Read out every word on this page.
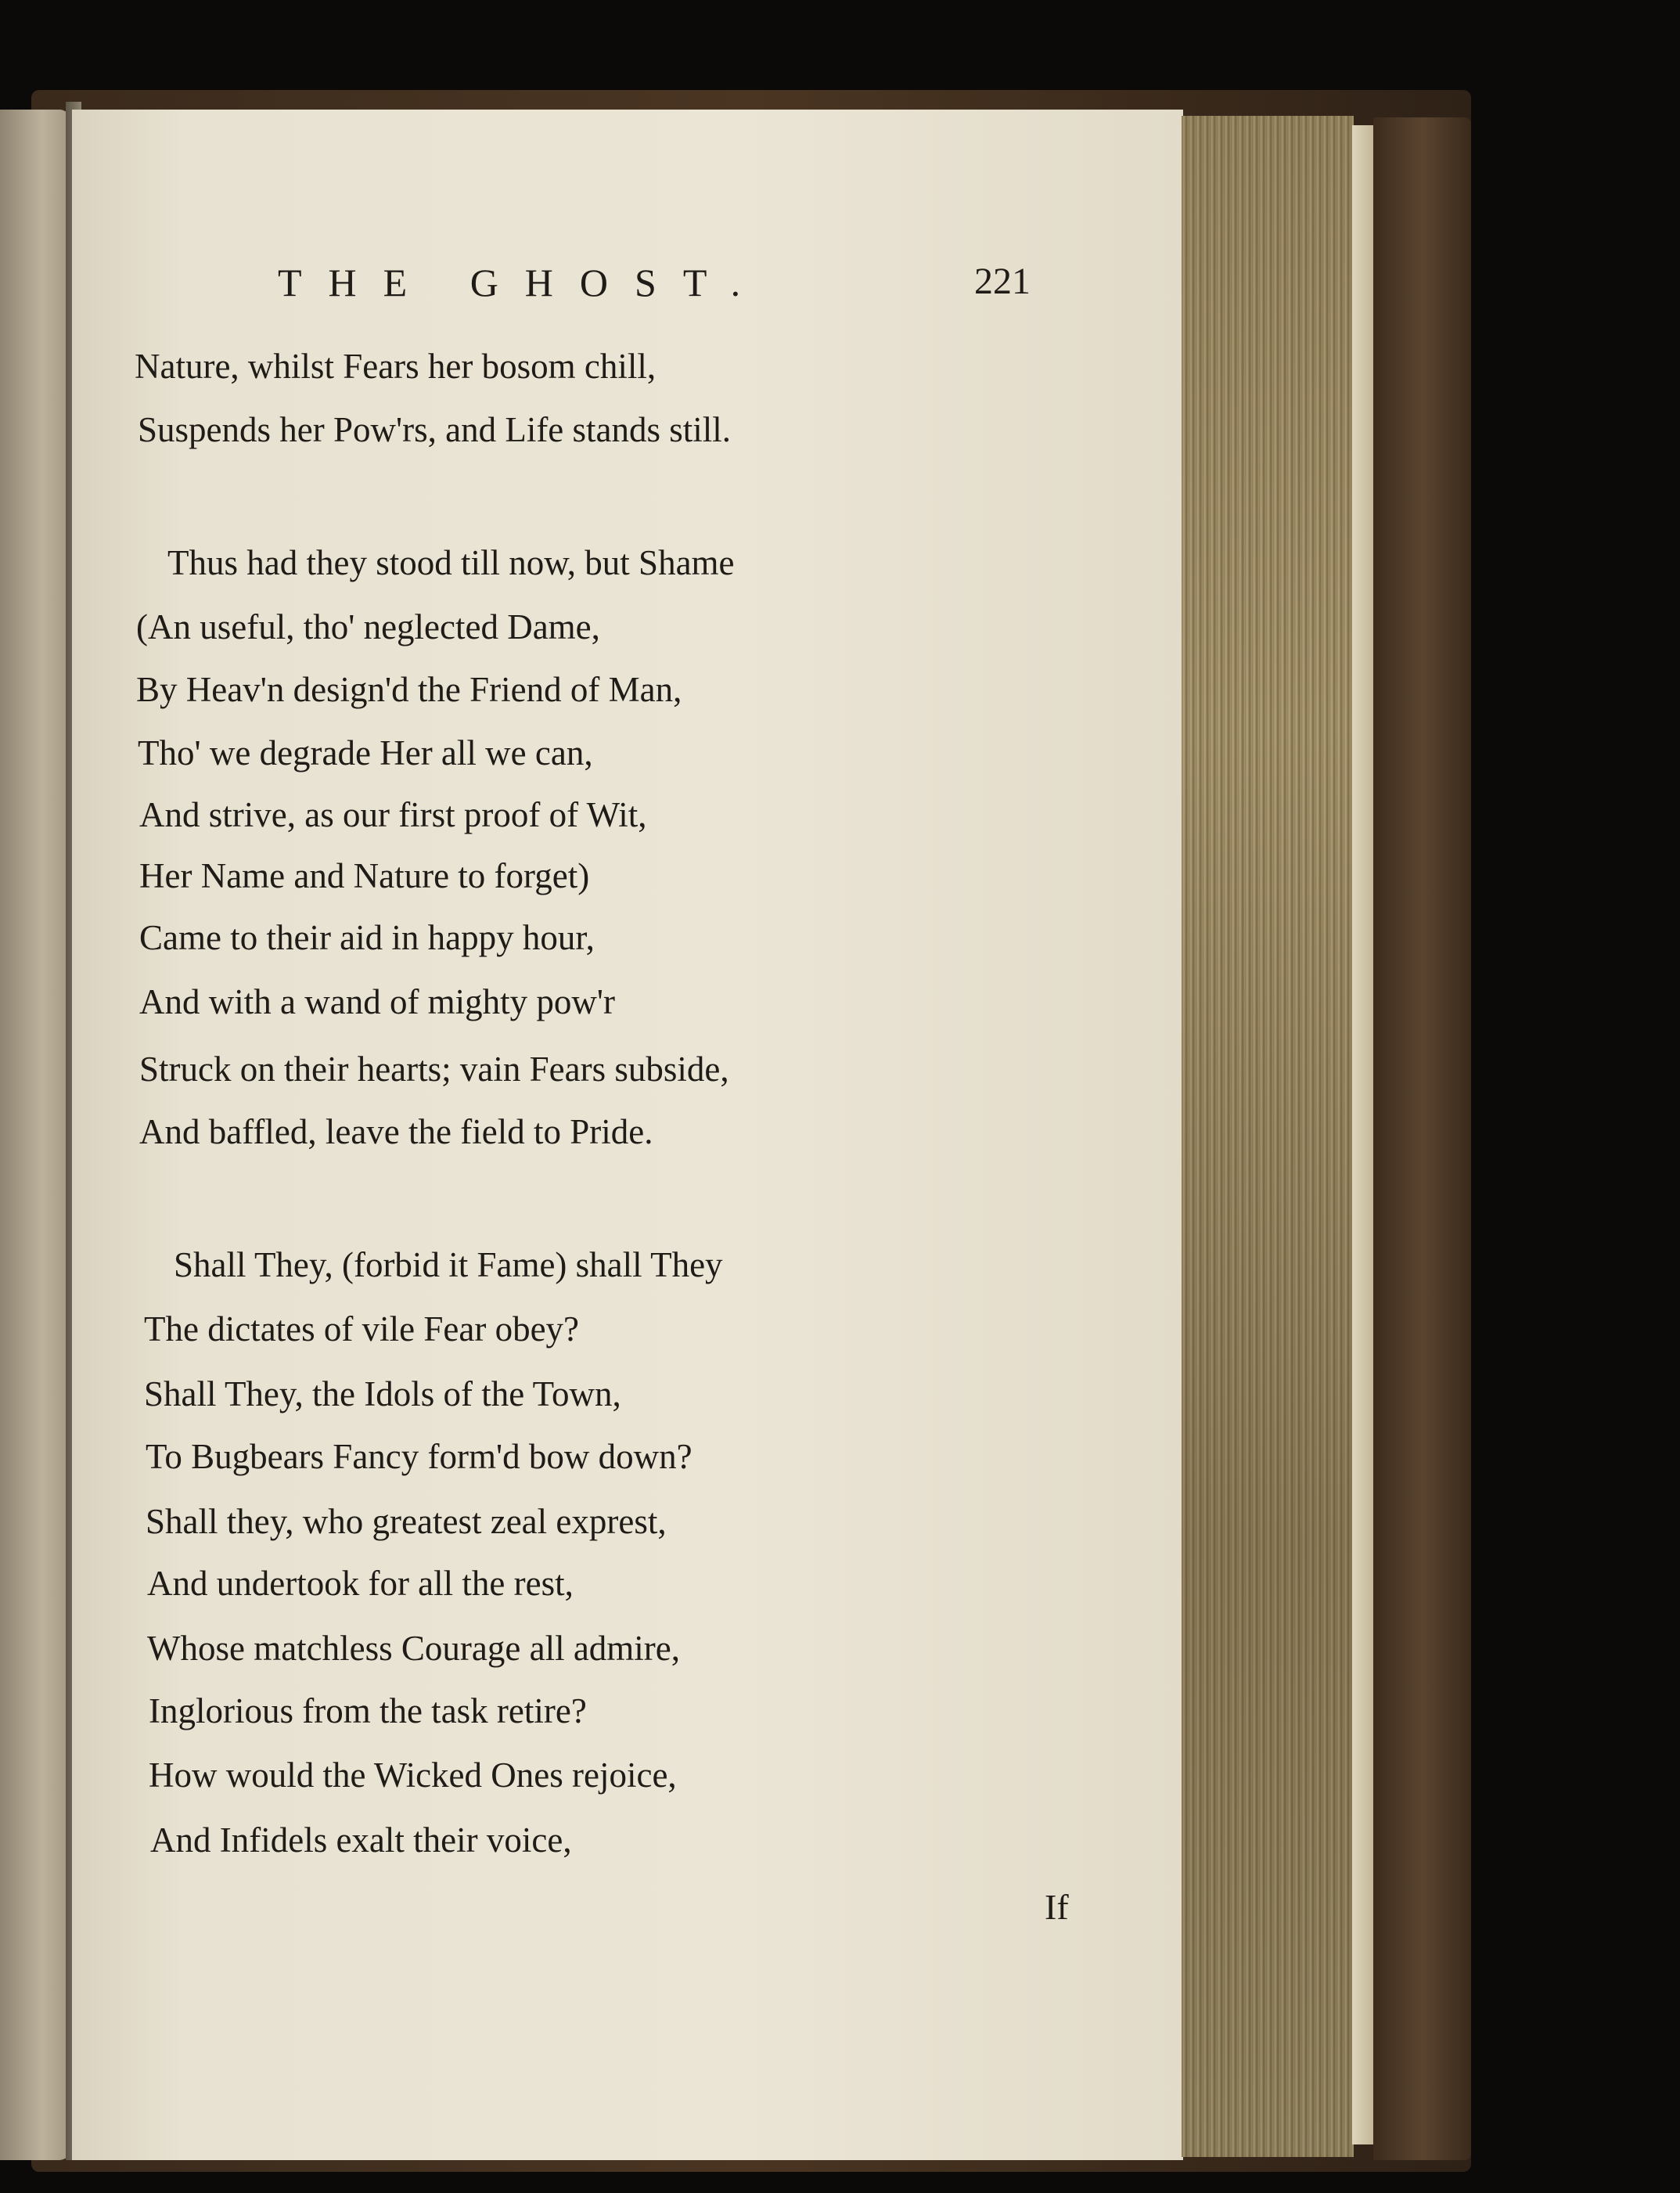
THE GHOST.	221
Nature, whilst Fears her bosom chill,
Suspends her Pow'rs, and Life stands still.
Thus had they stood till now, but Shame
(An useful, tho' neglected Dame,
By Heav'n design'd the Friend of Man,
Tho' we degrade Her all we can,
And strive, as our first proof of Wit,
Her Name and Nature to forget)
Came to their aid in happy hour,
And with a wand of mighty pow'r
Struck on their hearts; vain Fears subside,
And baffled, leave the field to Pride.
Shall They, (forbid it Fame) shall They
The dictates of vile Fear obey?
Shall They, the Idols of the Town,
To Bugbears Fancy form'd bow down?
Shall they, who greatest zeal exprest,
And undertook for all the rest,
Whose matchless Courage all admire,
Inglorious from the task retire?
How would the Wicked Ones rejoice,
And Infidels exalt their voice,
If
